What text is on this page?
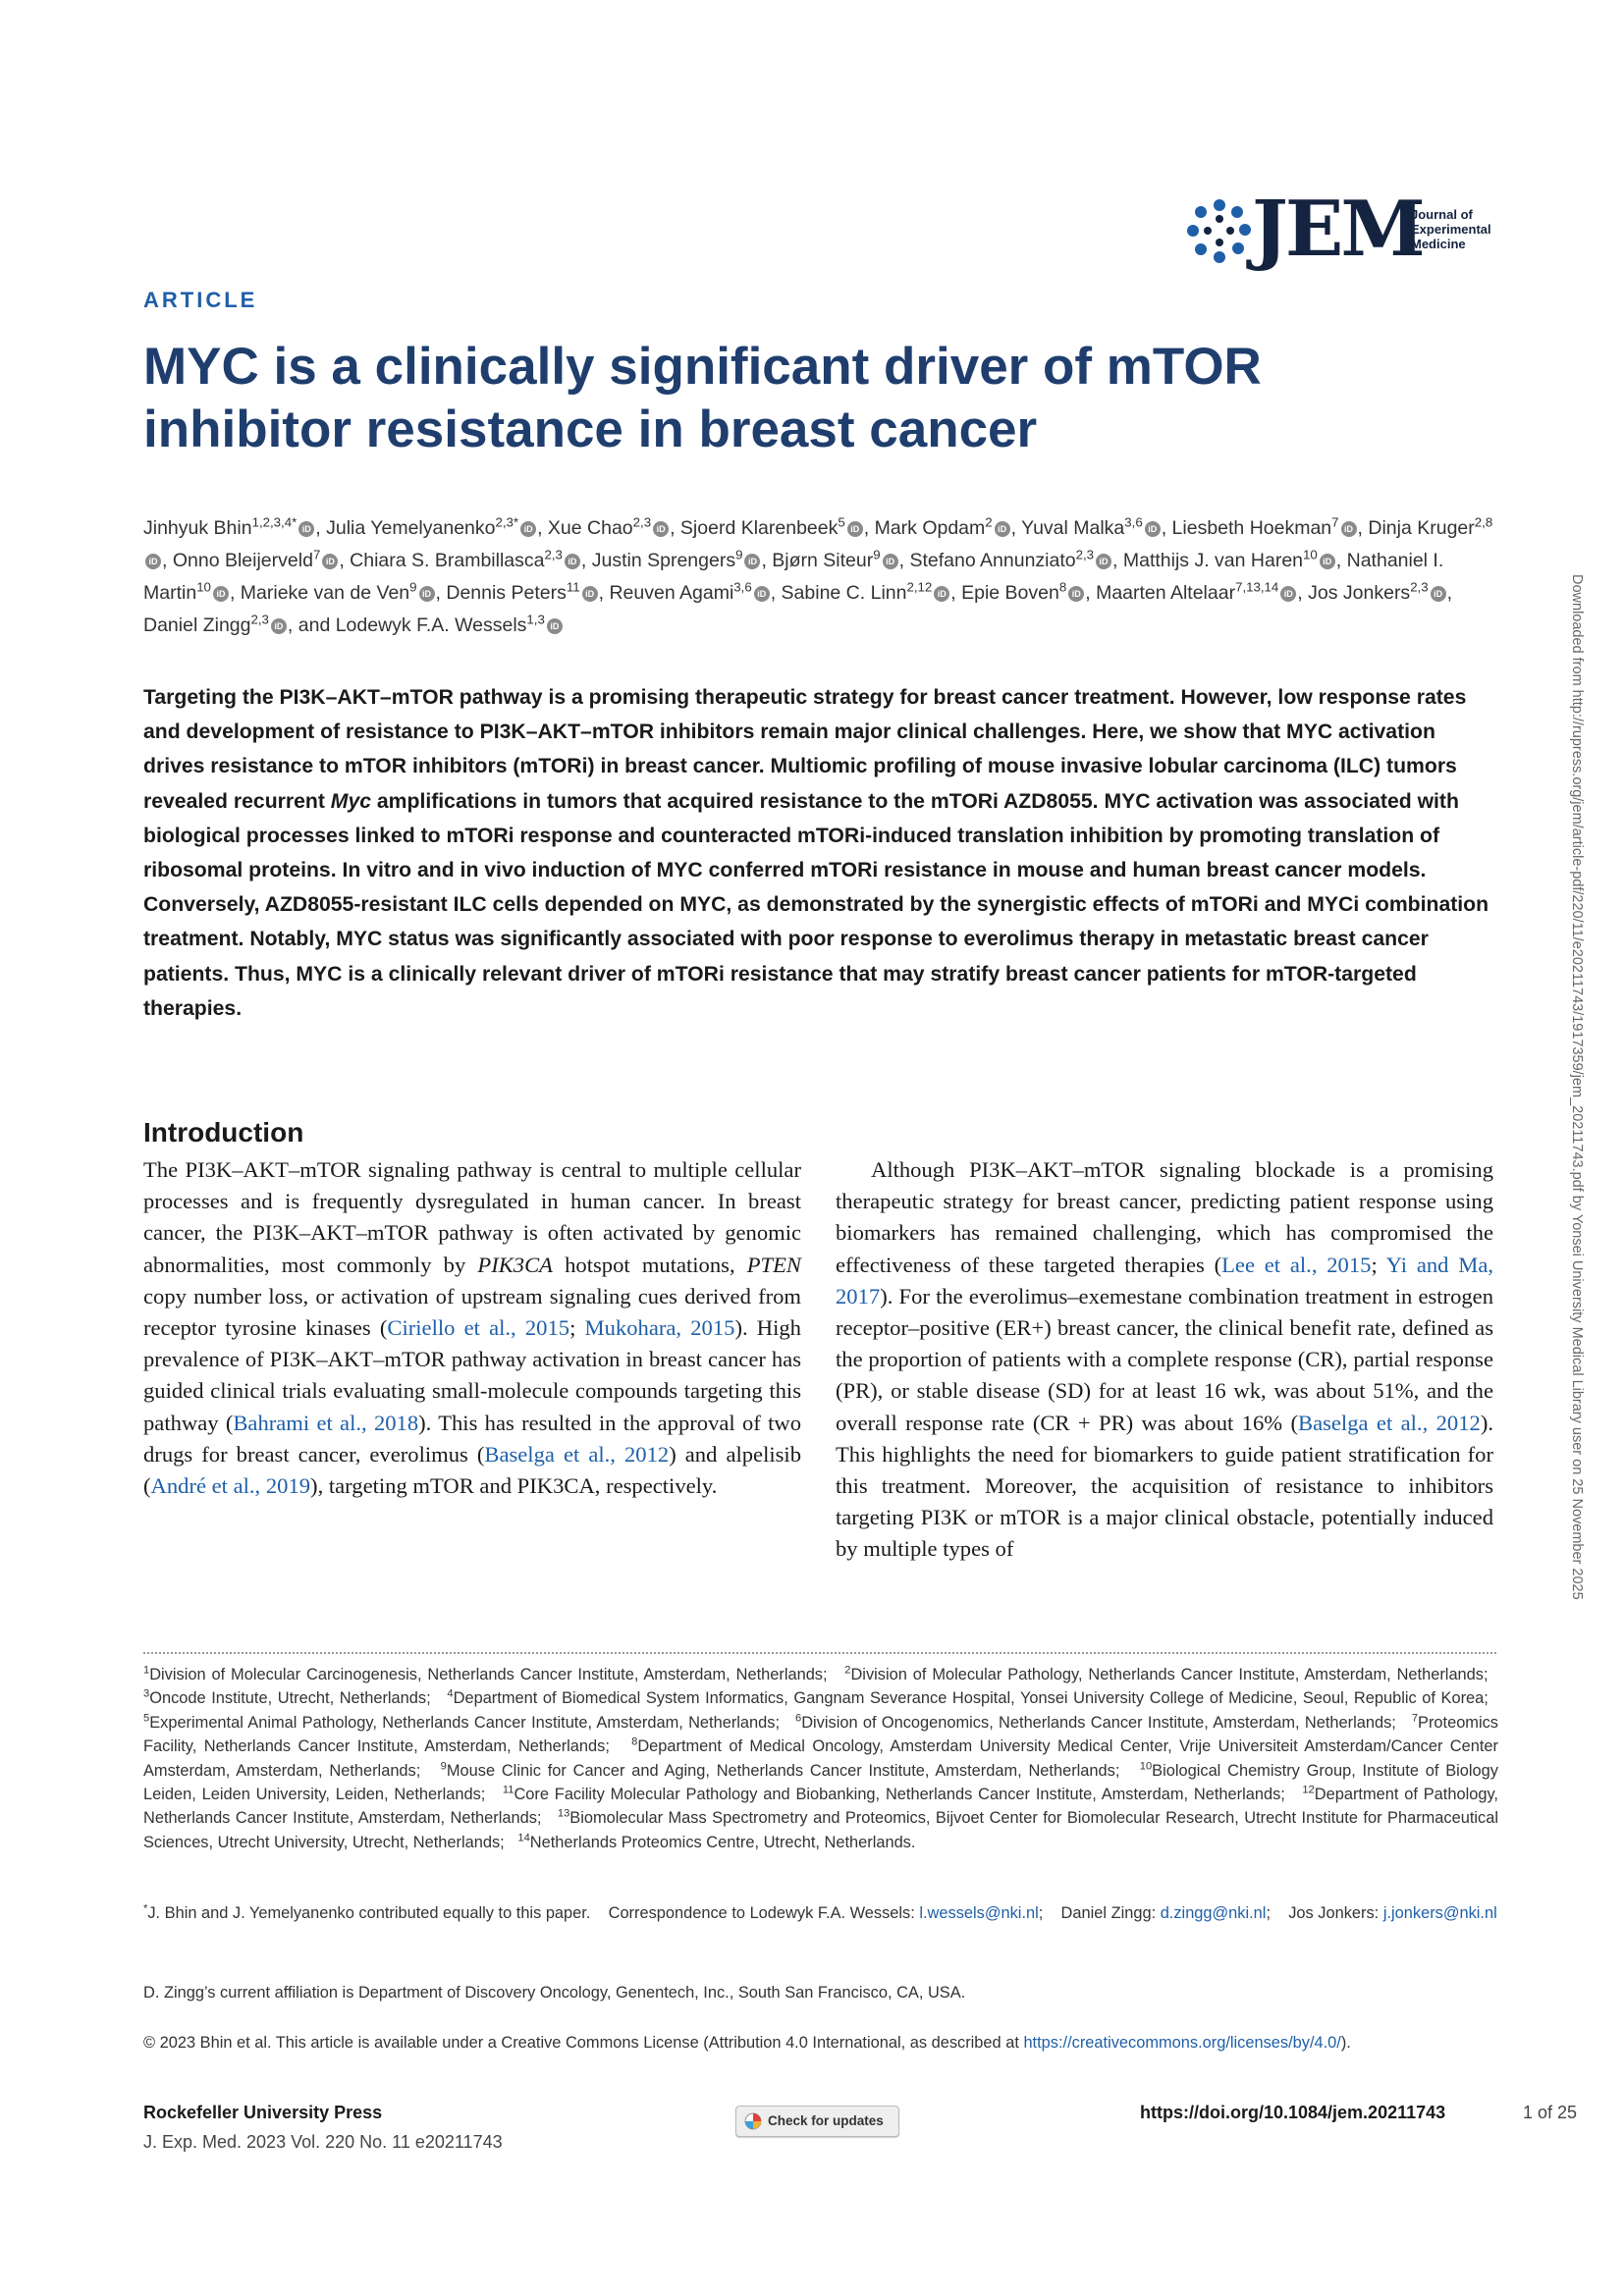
JEM
Journal of
Experimental
Medicine
ARTICLE
MYC is a clinically significant driver of mTOR inhibitor resistance in breast cancer
Jinhyuk Bhin$^{1,2,3,4*}$ iD , Julia Yemelyanenko$^{2,3*}$ iD , Xue Chao$^{2,3}$ iD , Sjoerd Klarenbeek$^5$ iD , Mark Opdam$^2$ iD , Yuval Malka$^{3,6}$ iD , Liesbeth Hoekman$^7$ iD , Dinja Kruger$^{2,8}$iD , Onno Bleijerveld$^7$ iD , Chiara S. Brambillasca$^{2,3}$ iD , Justin Sprengers$^9$ iD , Bjørn Siteur$^9$ iD , Stefano Annunziato$^{2,3}$ iD , Matthijs J. van Haren$^{10}$ iD , Nathaniel I. Martin$^{10}$ iD , Marieke van de Ven$^9$ iD , Dennis Peters$^{11}$ iD , Reuven Agami$^{3,6}$ iD , Sabine C. Linn$^{2,12}$ iD , Epie Boven$^8$ iD , Maarten Altelaar$^{7,13,14}$ iD , Jos Jonkers$^{2,3}$ iD , Daniel Zingg$^{2,3}$ iD , and Lodewyk F.A. Wessels$^{1,3}$ iD

Targeting the PI3K–AKT–mTOR pathway is a promising therapeutic strategy for breast cancer treatment. However, low response rates and development of resistance to PI3K–AKT–mTOR inhibitors remain major clinical challenges. Here, we show that MYC activation drives resistance to mTOR inhibitors (mTORi) in breast cancer. Multiomic profiling of mouse invasive lobular carcinoma (ILC) tumors revealed recurrent Myc amplifications in tumors that acquired resistance to the mTORi AZD8055. MYC activation was associated with biological processes linked to mTORi response and counteracted mTORi-induced translation inhibition by promoting translation of ribosomal proteins. In vitro and in vivo induction of MYC conferred mTORi resistance in mouse and human breast cancer models. Conversely, AZD8055-resistant ILC cells depended on MYC, as demonstrated by the synergistic effects of mTORi and MYCi combination treatment. Notably, MYC status was significantly associated with poor response to everolimus therapy in metastatic breast cancer patients. Thus, MYC is a clinically relevant driver of mTORi resistance that may stratify breast cancer patients for mTOR-targeted therapies.

Introduction

The PI3K–AKT–mTOR signaling pathway is central to multiple cellular processes and is frequently dysregulated in human cancer. In breast cancer, the PI3K–AKT–mTOR pathway is often activated by genomic abnormalities, most commonly by PIK3CA hotspot mutations, PTEN copy number loss, or activation of upstream signaling cues derived from receptor tyrosine kinases (Ciriello et al., 2015; Mukohara, 2015). High prevalence of PI3K–AKT–mTOR pathway activation in breast cancer has guided clinical trials evaluating small-molecule compounds targeting this pathway (Bahrami et al., 2018). This has resulted in the approval of two drugs for breast cancer, everolimus (Baselga et al., 2012) and alpelisib (André et al., 2019), targeting mTOR and PIK3CA, respectively.

Although PI3K–AKT–mTOR signaling blockade is a promising therapeutic strategy for breast cancer, predicting patient response using biomarkers has remained challenging, which has compromised the effectiveness of these targeted therapies (Lee et al., 2015; Yi and Ma, 2017). For the everolimus–exemestane combination treatment in estrogen receptor–positive (ER+) breast cancer, the clinical benefit rate, defined as the proportion of patients with a complete response (CR), partial response (PR), or stable disease (SD) for at least 16 wk, was about 51%, and the overall response rate (CR + PR) was about 16% (Baselga et al., 2012). This highlights the need for biomarkers to guide patient stratification for this treatment. Moreover, the acquisition of resistance to inhibitors targeting PI3K or mTOR is a major clinical obstacle, potentially induced by multiple types of

$^1$Division of Molecular Carcinogenesis, Netherlands Cancer Institute, Amsterdam, Netherlands; $^2$Division of Molecular Pathology, Netherlands Cancer Institute, Amsterdam, Netherlands;   $^3$Oncode Institute, Utrecht, Netherlands; $^4$Department of Biomedical System Informatics, Gangnam Severance Hospital, Yonsei University College of Medicine, Seoul, Republic of Korea;   $^5$Experimental Animal Pathology, Netherlands Cancer Institute, Amsterdam, Netherlands; $^6$Division of Oncogenomics, Netherlands Cancer Institute, Amsterdam, Netherlands; $^7$Proteomics Facility, Netherlands Cancer Institute, Amsterdam, Netherlands; $^8$Department of Medical Oncology, Amsterdam University Medical Center, Vrije Universiteit Amsterdam/Cancer Center Amsterdam, Amsterdam, Netherlands; $^9$Mouse Clinic for Cancer and Aging, Netherlands Cancer Institute, Amsterdam, Netherlands; $^{10}$Biological Chemistry Group, Institute of Biology Leiden, Leiden University, Leiden, Netherlands; $^{11}$Core Facility Molecular Pathology and Biobanking, Netherlands Cancer Institute, Amsterdam, Netherlands; $^{12}$Department of Pathology, Netherlands Cancer Institute, Amsterdam, Netherlands; $^{13}$Biomolecular Mass Spectrometry and Proteomics, Bijvoet Center for Biomolecular Research, Utrecht Institute for Pharmaceutical Sciences, Utrecht University, Utrecht, Netherlands; $^{14}$Netherlands Proteomics Centre, Utrecht, Netherlands.

*J. Bhin and J. Yemelyanenko contributed equally to this paper. Correspondence to Lodewyk F.A. Wessels: l.wessels@nki.nl;    Daniel Zingg: d.zingg@nki.nl;    Jos Jonkers: j.jonkers@nki.nl

D. Zingg’s current affiliation is Department of Discovery Oncology, Genentech, Inc., South San Francisco, CA, USA.

© 2023 Bhin et al. This article is available under a Creative Commons License (Attribution 4.0 International, as described at https://creativecommons.org/licenses/by/4.0/).

Rockefeller University Press
J. Exp. Med. 2023 Vol. 220 No. 11 e20211743
Check for updates	https://doi.org/10.1084/jem.20211743	1 of 25
Downloaded from http://rupress.org/jem/article-pdf/220/11/e20211743/1917359/jem_20211743.pdf by Yonsei University Medical Library user on 25 November 2025
